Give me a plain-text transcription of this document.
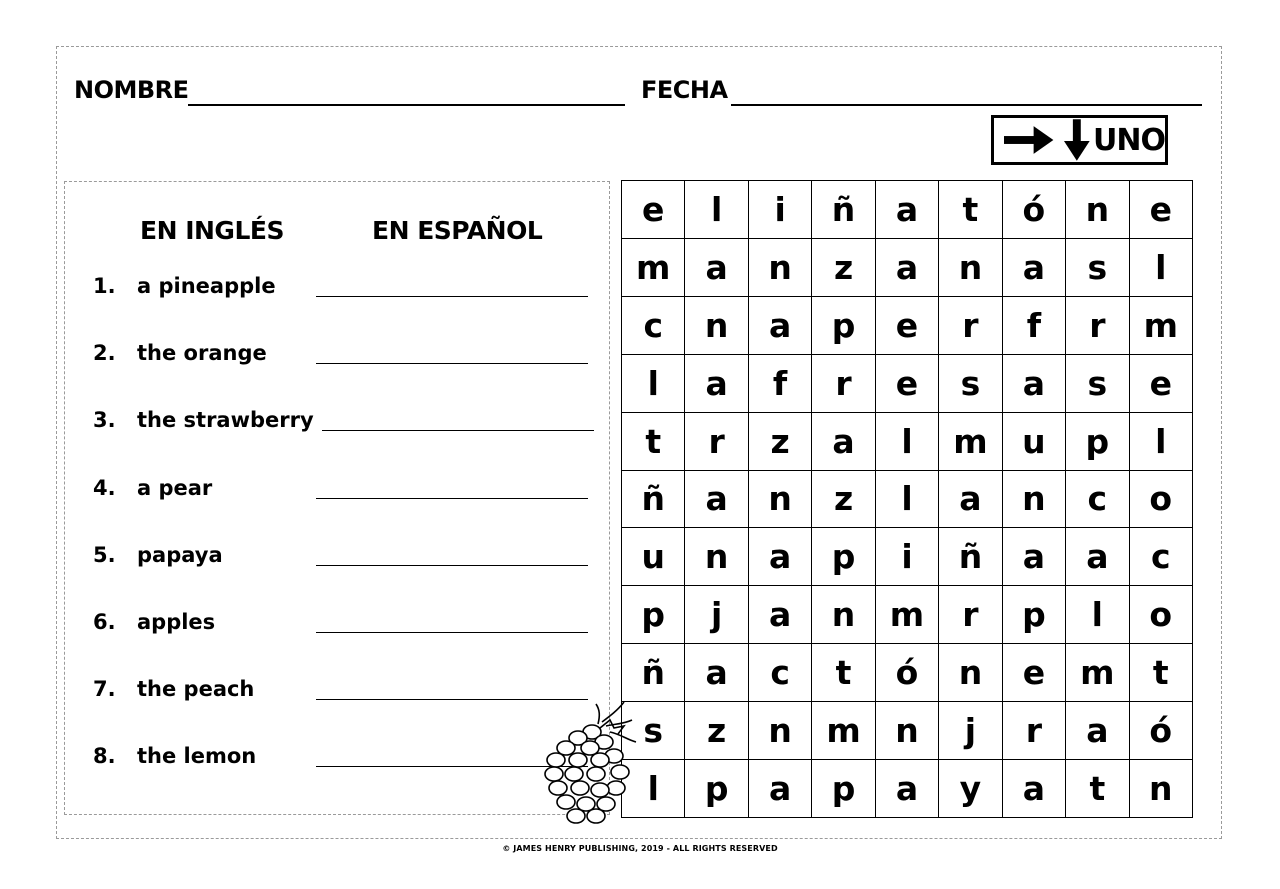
NOMBRE	FECHA
UNO
EN INGLÉS	EN ESPAÑOL
1. a pineapple
2. the orange
3. the strawberry
4. a pear
5. papaya
6. apples
7. the peach
8. the lemon
e	l	i	ñ	a	t	ó	n	e
m	a	n	z	a	n	a	s	l
c	n	a	p	e	r	f	r	m
l	a	f	r	e	s	a	s	e
t	r	z	a	l	m	u	p	l
ñ	a	n	z	l	a	n	c	o
u	n	a	p	i	ñ	a	a	c
p	j	a	n	m	r	p	l	o
ñ	a	c	t	ó	n	e	m	t
s	z	n	m	n	j	r	a	ó
l	p	a	p	a	y	a	t	n
© JAMES HENRY PUBLISHING, 2019 - ALL RIGHTS RESERVED
